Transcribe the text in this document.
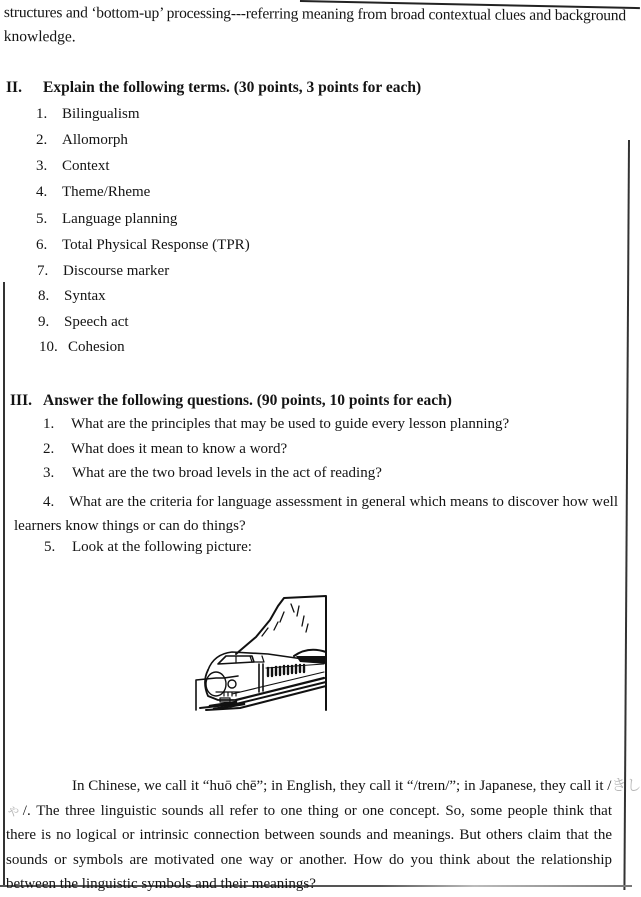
structures and ‘bottom-up’ processing---referring meaning from broad contextual clues and background
knowledge.
II. Explain the following terms. (30 points, 3 points for each)
1. Bilingualism
2. Allomorph
3. Context
4. Theme/Rheme
5. Language planning
6. Total Physical Response (TPR)
7. Discourse marker
8. Syntax
9. Speech act
10. Cohesion
III. Answer the following questions. (90 points, 10 points for each)
1. What are the principles that may be used to guide every lesson planning?
2. What does it mean to know a word?
3. What are the two broad levels in the act of reading?
4. What are the criteria for language assessment in general which means to discover how well
learners know things or can do things?
5. Look at the following picture:
In Chinese, we call it “huō chē”; in English, they call it “/treɪn/”; in Japanese, they call it /きし
ゃ/. The three linguistic sounds all refer to one thing or one concept. So, some people think that
there is no logical or intrinsic connection between sounds and meanings. But others claim that the
sounds or symbols are motivated one way or another. How do you think about the relationship
between the linguistic symbols and their meanings?
